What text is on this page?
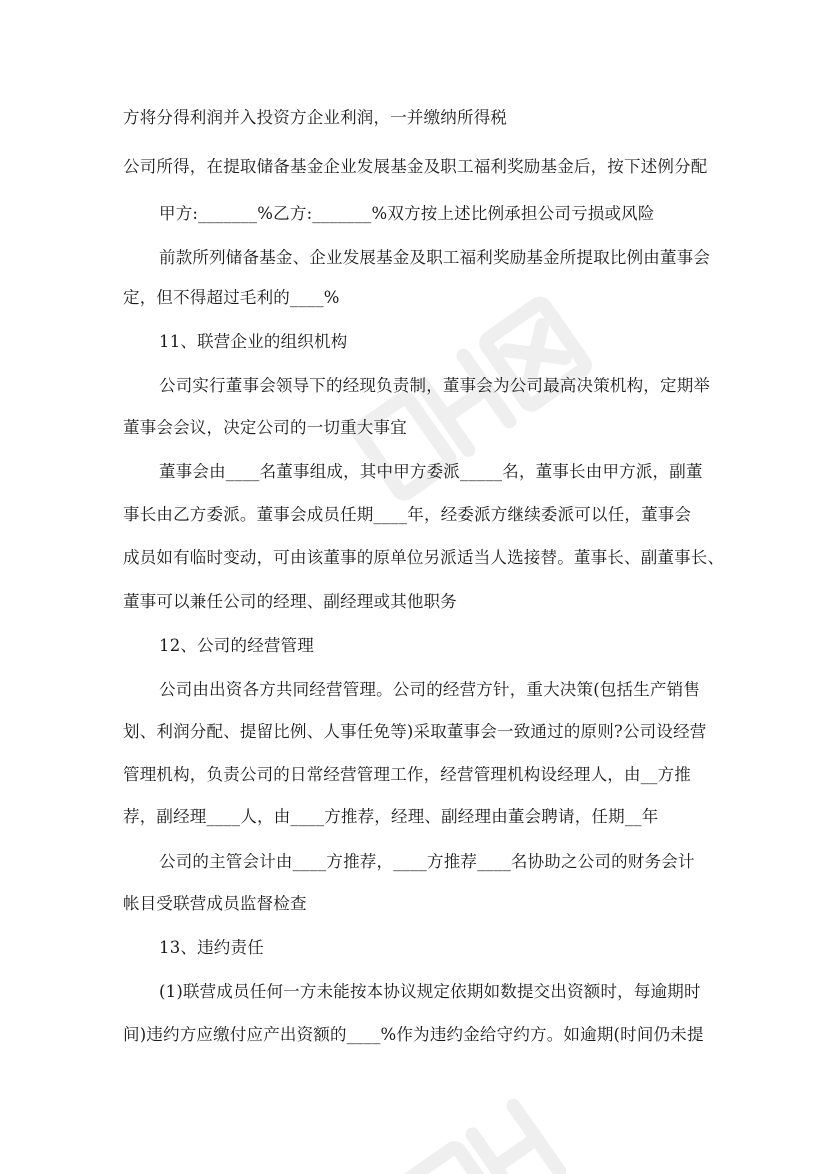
方将分得利润并入投资方企业利润，一并缴纳所得税
公司所得，在提取储备基金企业发展基金及职工福利奖励基金后，按下述例分配
甲方:_______%乙方:_______%双方按上述比例承担公司亏损或风险
前款所列储备基金、企业发展基金及职工福利奖励基金所提取比例由董事会
定，但不得超过毛利的____%
11、联营企业的组织机构
公司实行董事会领导下的经现负责制，董事会为公司最高决策机构，定期举
董事会会议，决定公司的一切重大事宜
董事会由____名董事组成，其中甲方委派_____名，董事长由甲方派，副董
事长由乙方委派。董事会成员任期____年，经委派方继续委派可以任，董事会
成员如有临时变动，可由该董事的原单位另派适当人选接替。董事长、副董事长、
董事可以兼任公司的经理、副经理或其他职务
12、公司的经营管理
公司由出资各方共同经营管理。公司的经营方针，重大决策(包括生产销售
划、利润分配、提留比例、人事任免等)采取董事会一致通过的原则?公司设经营
管理机构，负责公司的日常经营管理工作，经营管理机构设经理人，由__方推
荐，副经理____人，由____方推荐，经理、副经理由董会聘请，任期__年
公司的主管会计由____方推荐，____方推荐____名协助之公司的财务会计
帐目受联营成员监督检查
13、违约责任
(1)联营成员任何一方未能按本协议规定依期如数提交出资额时，每逾期时
间)违约方应缴付应产出资额的____%作为违约金给守约方。如逾期(时间仍未提
